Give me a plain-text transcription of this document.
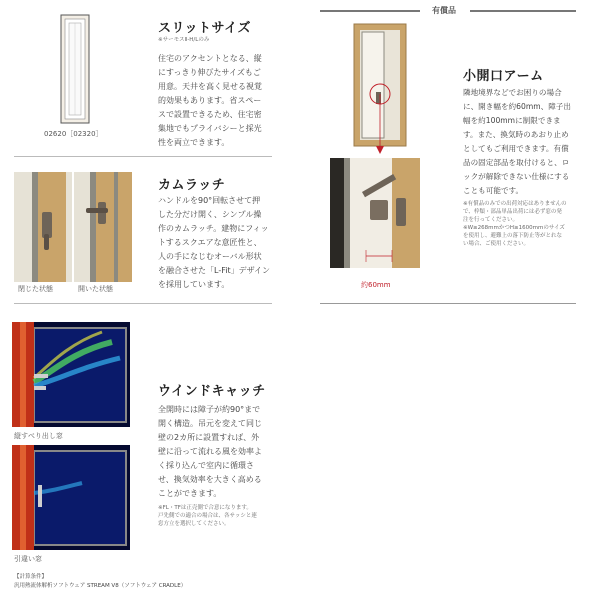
02620［02320］
スリットサイズ
※サーモスⅡ-H/Lのみ
住宅のアクセントとなる、縦
にすっきり伸びたサイズもご
用意。天井を高く見せる視覚
的効果もあります。省スペー
スで設置できるため、住宅密
集地でもプライバシーと採光
性を両立できます。
閉じた状態	開いた状態
カムラッチ
ハンドルを90°回転させて押
した分だけ開く、シンプル操
作のカムラッチ。建物にフィッ
トするスクエアな意匠性と、
人の手になじむオーバル形状
を融合させた「L-Fit」デザイン
を採用しています。
有償品
約60mm
小開口アーム
隣地境界などでお困りの場合
に、開き幅を約60mm、障子出
幅を約100mmに制限できま
す。また、換気時のあおり止め
としてもご利用できます。有償
品の固定部品を取付けると、ロ
ックが解除できない仕様にする
ことも可能です。
※有償品のみでの出荷対応はありませんの
で、枠類・部品単品出荷には必ず窓の発
注を行ってください。
※W≥268mmかつH≥1600mmのサイズ
を使用し、避難上の落下防止等がとれな
い場合、ご使用ください。
縦すべり出し窓
引違い窓
ウインドキャッチ
全開時には障子が約90°まで
開く構造。吊元を変えて同じ
壁の2カ所に設置すれば、外
壁に沿って流れる風を効率よ
く採り込んで室内に循環さ
せ、換気効率を大きく高める
ことができます。
※FL・TFは正売側で合意になります。
戸先側での適合の場合は、各サッシと連
窓方立を選択してください。
【計算条件】
汎用熱流体解析ソフトウェア STREAM V8（ソフトウェア CRADLE）
